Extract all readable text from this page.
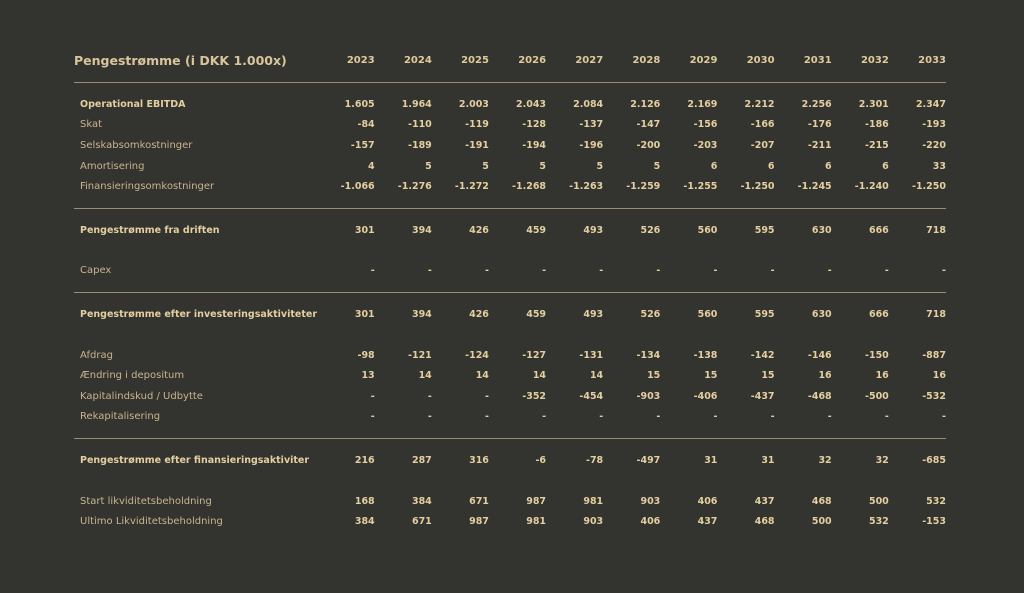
Pengestrømme (i DKK 1.000x)	2023	2024	2025	2026	2027	2028	2029	2030	2031	2032	2033

Operational EBITDA	1.605	1.964	2.003	2.043	2.084	2.126	2.169	2.212	2.256	2.301	2.347
Skat	-84	-110	-119	-128	-137	-147	-156	-166	-176	-186	-193
Selskabsomkostninger	-157	-189	-191	-194	-196	-200	-203	-207	-211	-215	-220
Amortisering	4	5	5	5	5	5	6	6	6	6	33
Finansieringsomkostninger	-1.066	-1.276	-1.272	-1.268	-1.263	-1.259	-1.255	-1.250	-1.245	-1.240	-1.250

Pengestrømme fra driften	301	394	426	459	493	526	560	595	630	666	718

Capex	-	-	-	-	-	-	-	-	-	-	-

Pengestrømme efter investeringsaktiviteter	301	394	426	459	493	526	560	595	630	666	718

Afdrag	-98	-121	-124	-127	-131	-134	-138	-142	-146	-150	-887
Ændring i depositum	13	14	14	14	14	15	15	15	16	16	16
Kapitalindskud / Udbytte	-	-	-	-352	-454	-903	-406	-437	-468	-500	-532
Rekapitalisering	-	-	-	-	-	-	-	-	-	-	-

Pengestrømme efter finansieringsaktiviter	216	287	316	-6	-78	-497	31	31	32	32	-685

Start likviditetsbeholdning	168	384	671	987	981	903	406	437	468	500	532
Ultimo Likviditetsbeholdning	384	671	987	981	903	406	437	468	500	532	-153
